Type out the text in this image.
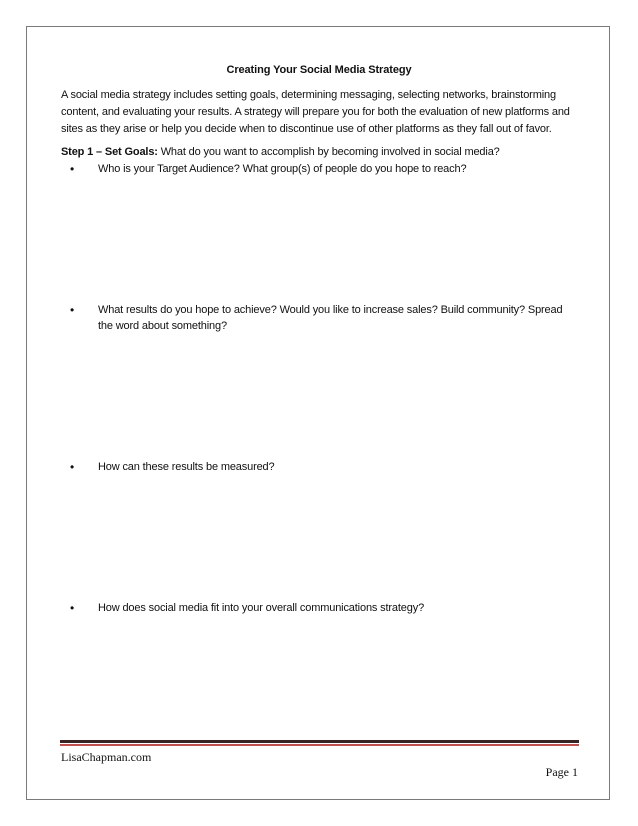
Creating Your Social Media Strategy
A social media strategy includes setting goals, determining messaging, selecting networks, brainstorming content, and evaluating your results. A strategy will prepare you for both the evaluation of new platforms and sites as they arise or help you decide when to discontinue use of other platforms as they fall out of favor.
Step 1 – Set Goals: What do you want to accomplish by becoming involved in social media?
•	Who is your Target Audience? What group(s) of people do you hope to reach?
•	What results do you hope to achieve? Would you like to increase sales? Build community? Spread the word about something?
•	How can these results be measured?
•	How does social media fit into your overall communications strategy?
LisaChapman.com
Page 1
